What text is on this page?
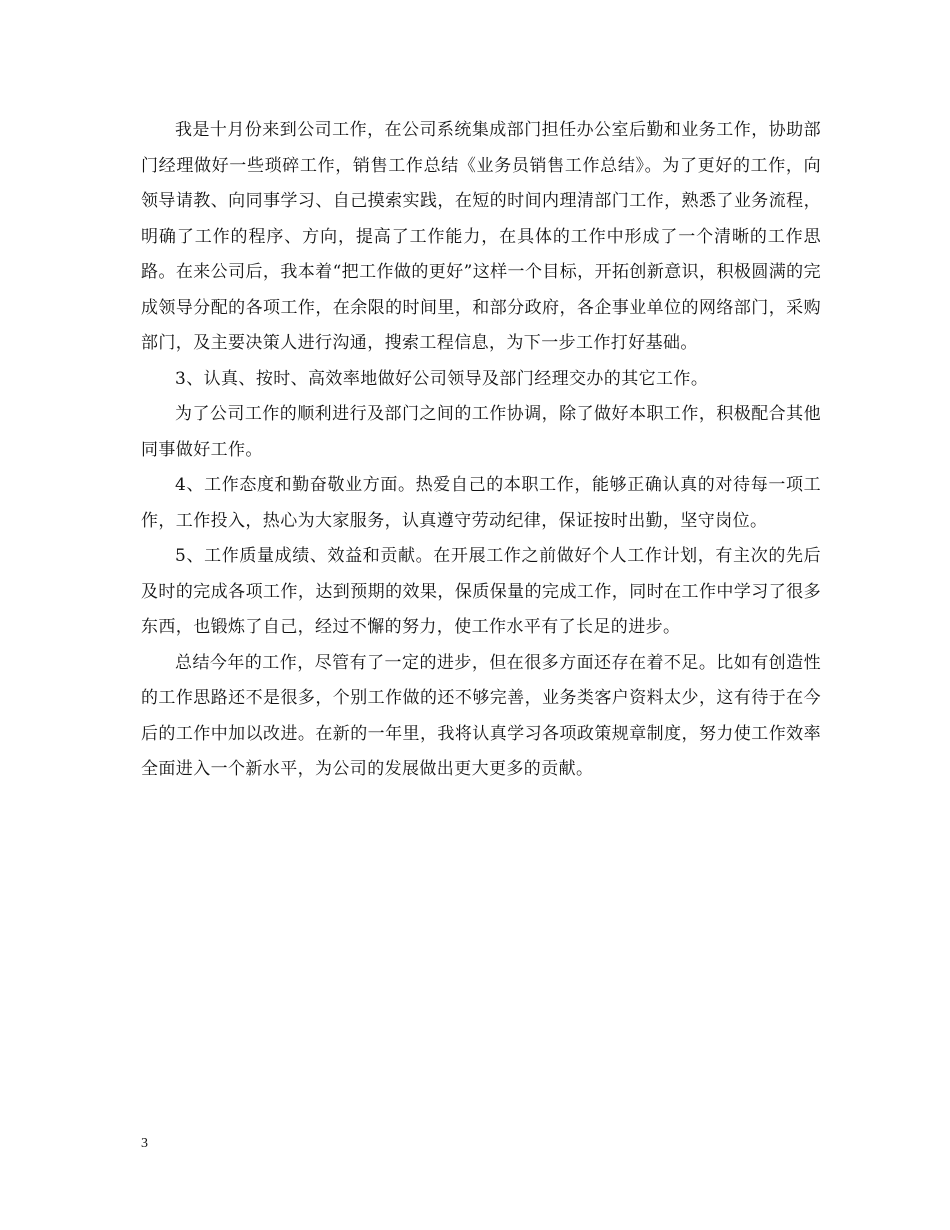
我是十月份来到公司工作，在公司系统集成部门担任办公室后勤和业务工作，协助部门经理做好一些琐碎工作，销售工作总结《业务员销售工作总结》。为了更好的工作，向领导请教、向同事学习、自己摸索实践，在短的时间内理清部门工作，熟悉了业务流程，明确了工作的程序、方向，提高了工作能力，在具体的工作中形成了一个清晰的工作思路。在来公司后，我本着“把工作做的更好”这样一个目标，开拓创新意识，积极圆满的完成领导分配的各项工作，在余限的时间里，和部分政府，各企事业单位的网络部门，采购部门，及主要决策人进行沟通，搜索工程信息，为下一步工作打好基础。

3、认真、按时、高效率地做好公司领导及部门经理交办的其它工作。

为了公司工作的顺利进行及部门之间的工作协调，除了做好本职工作，积极配合其他同事做好工作。

4、工作态度和勤奋敬业方面。热爱自己的本职工作，能够正确认真的对待每一项工作，工作投入，热心为大家服务，认真遵守劳动纪律，保证按时出勤，坚守岗位。

5、工作质量成绩、效益和贡献。在开展工作之前做好个人工作计划，有主次的先后及时的完成各项工作，达到预期的效果，保质保量的完成工作，同时在工作中学习了很多东西，也锻炼了自己，经过不懈的努力，使工作水平有了长足的进步。

总结今年的工作，尽管有了一定的进步，但在很多方面还存在着不足。比如有创造性的工作思路还不是很多，个别工作做的还不够完善，业务类客户资料太少，这有待于在今后的工作中加以改进。在新的一年里，我将认真学习各项政策规章制度，努力使工作效率全面进入一个新水平，为公司的发展做出更大更多的贡献。

3
